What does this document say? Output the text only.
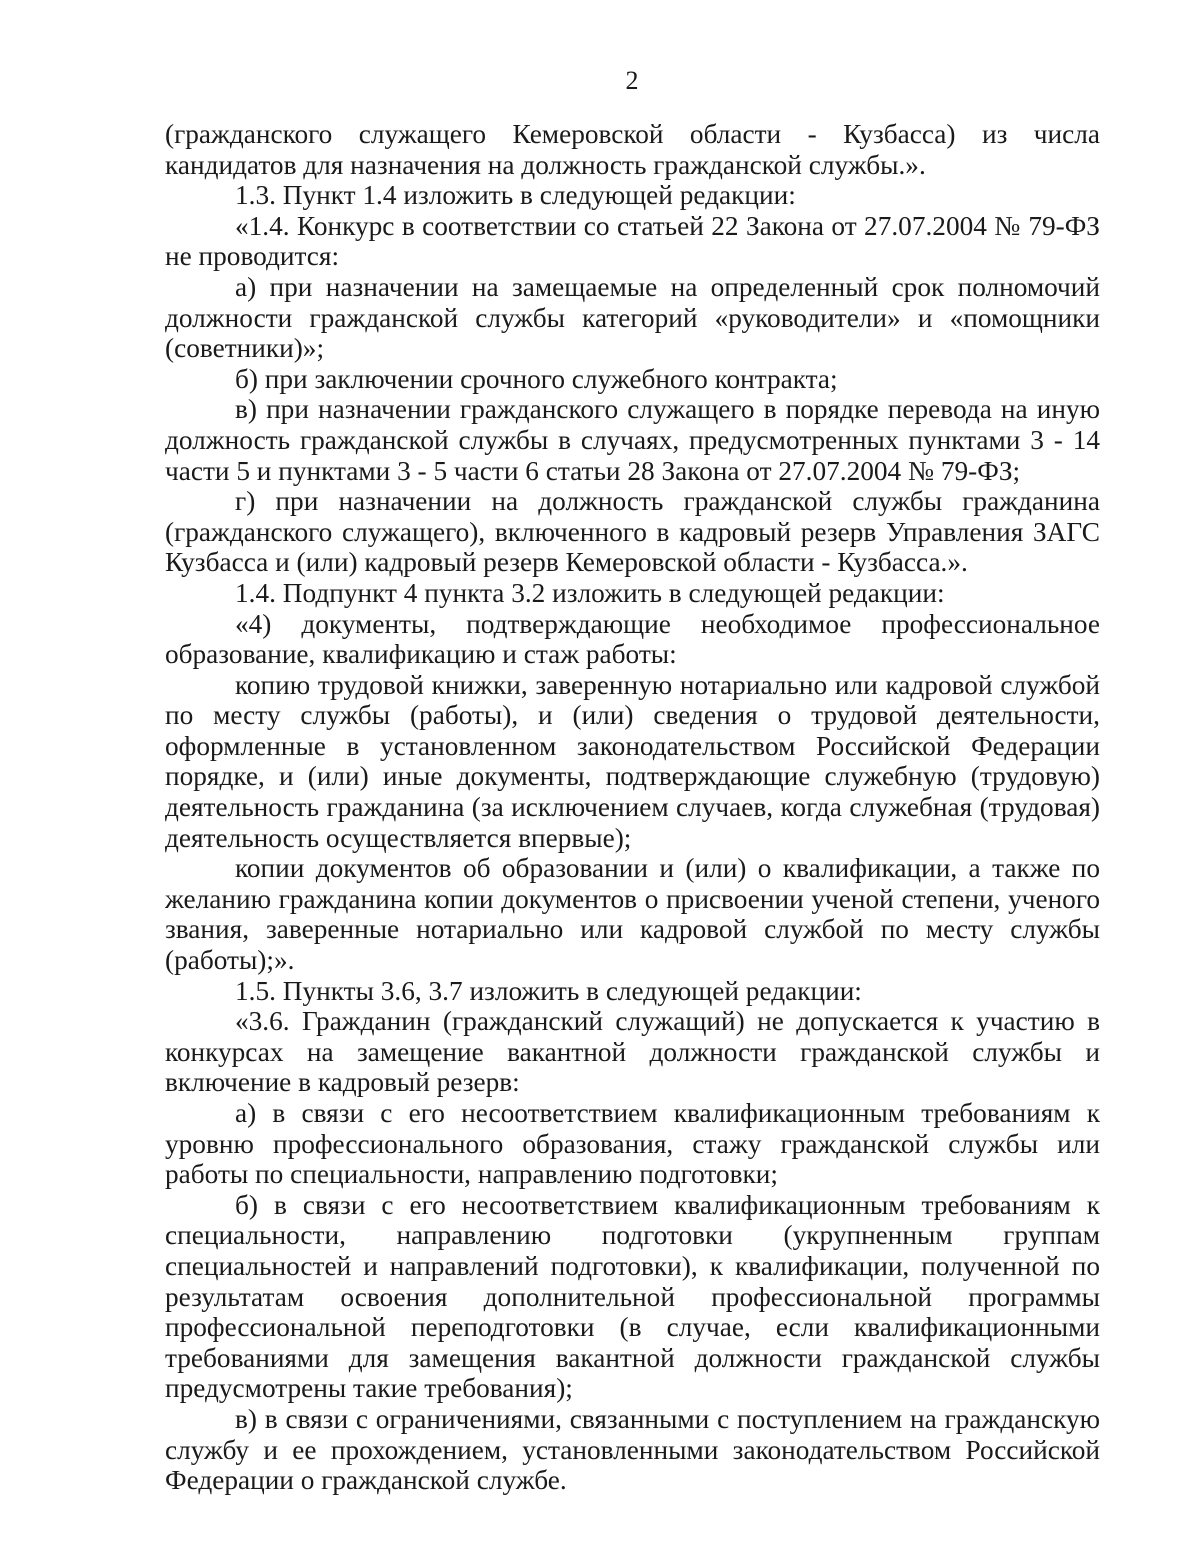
2

(гражданского служащего Кемеровской области - Кузбасса) из числа кандидатов для назначения на должность гражданской службы.».

1.3. Пункт 1.4 изложить в следующей редакции:

«1.4. Конкурс в соответствии со статьей 22 Закона от 27.07.2004 № 79-ФЗ не проводится:

а) при назначении на замещаемые на определенный срок полномочий должности гражданской службы категорий «руководители» и «помощники (советники)»;

б) при заключении срочного служебного контракта;

в) при назначении гражданского служащего в порядке перевода на иную должность гражданской службы в случаях, предусмотренных пунктами 3 - 14 части 5 и пунктами 3 - 5 части 6 статьи 28 Закона от 27.07.2004 № 79-ФЗ;

г) при назначении на должность гражданской службы гражданина (гражданского служащего), включенного в кадровый резерв Управления ЗАГС Кузбасса и (или) кадровый резерв Кемеровской области - Кузбасса.».

1.4. Подпункт 4 пункта 3.2 изложить в следующей редакции:

«4) документы, подтверждающие необходимое профессиональное образование, квалификацию и стаж работы:

копию трудовой книжки, заверенную нотариально или кадровой службой по месту службы (работы), и (или) сведения о трудовой деятельности, оформленные в установленном законодательством Российской Федерации порядке, и (или) иные документы, подтверждающие служебную (трудовую) деятельность гражданина (за исключением случаев, когда служебная (трудовая) деятельность осуществляется впервые);

копии документов об образовании и (или) о квалификации, а также по желанию гражданина копии документов о присвоении ученой степени, ученого звания, заверенные нотариально или кадровой службой по месту службы (работы);».

1.5. Пункты 3.6, 3.7 изложить в следующей редакции:

«3.6. Гражданин (гражданский служащий) не допускается к участию в конкурсах на замещение вакантной должности гражданской службы и включение в кадровый резерв:

а) в связи с его несоответствием квалификационным требованиям к уровню профессионального образования, стажу гражданской службы или работы по специальности, направлению подготовки;

б) в связи с его несоответствием квалификационным требованиям к специальности, направлению подготовки (укрупненным группам специальностей и направлений подготовки), к квалификации, полученной по результатам освоения дополнительной профессиональной программы профессиональной переподготовки (в случае, если квалификационными требованиями для замещения вакантной должности гражданской службы предусмотрены такие требования);

в) в связи с ограничениями, связанными с поступлением на гражданскую службу и ее прохождением, установленными законодательством Российской Федерации о гражданской службе.
